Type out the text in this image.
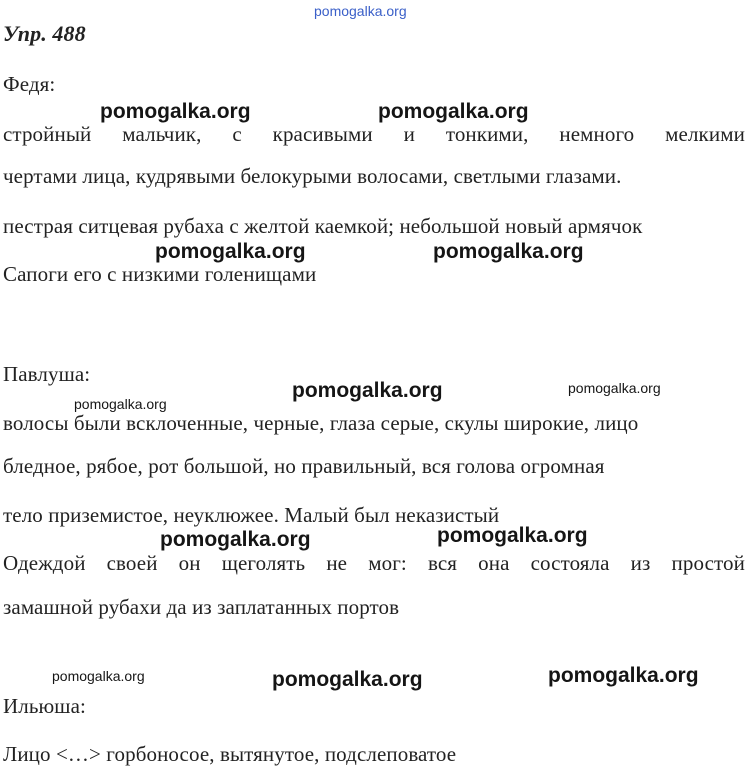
pomogalka.org
Упр. 488
Федя:
pomogalka.org	pomogalka.org
стройный мальчик, с красивыми и тонкими, немного мелкими
чертами лица, кудрявыми белокурыми волосами, светлыми глазами.
пестрая ситцевая рубаха с желтой каемкой; небольшой новый армячок
pomogalka.org	pomogalka.org
Сапоги его с низкими голенищами
Павлуша:
pomogalka.org	pomogalka.org
pomogalka.org
волосы были всклоченные, черные, глаза серые, скулы широкие, лицо
бледное, рябое, рот большой, но правильный, вся голова огромная
тело приземистое, неуклюжее. Малый был неказистый
pomogalka.org	pomogalka.org
Одеждой своей он щеголять не мог: вся она состояла из простой
замашной рубахи да из заплатанных портов
pomogalka.org	pomogalka.org	pomogalka.org
Ильюша:
Лицо <…> горбоносое, вытянутое, подслеповатое
